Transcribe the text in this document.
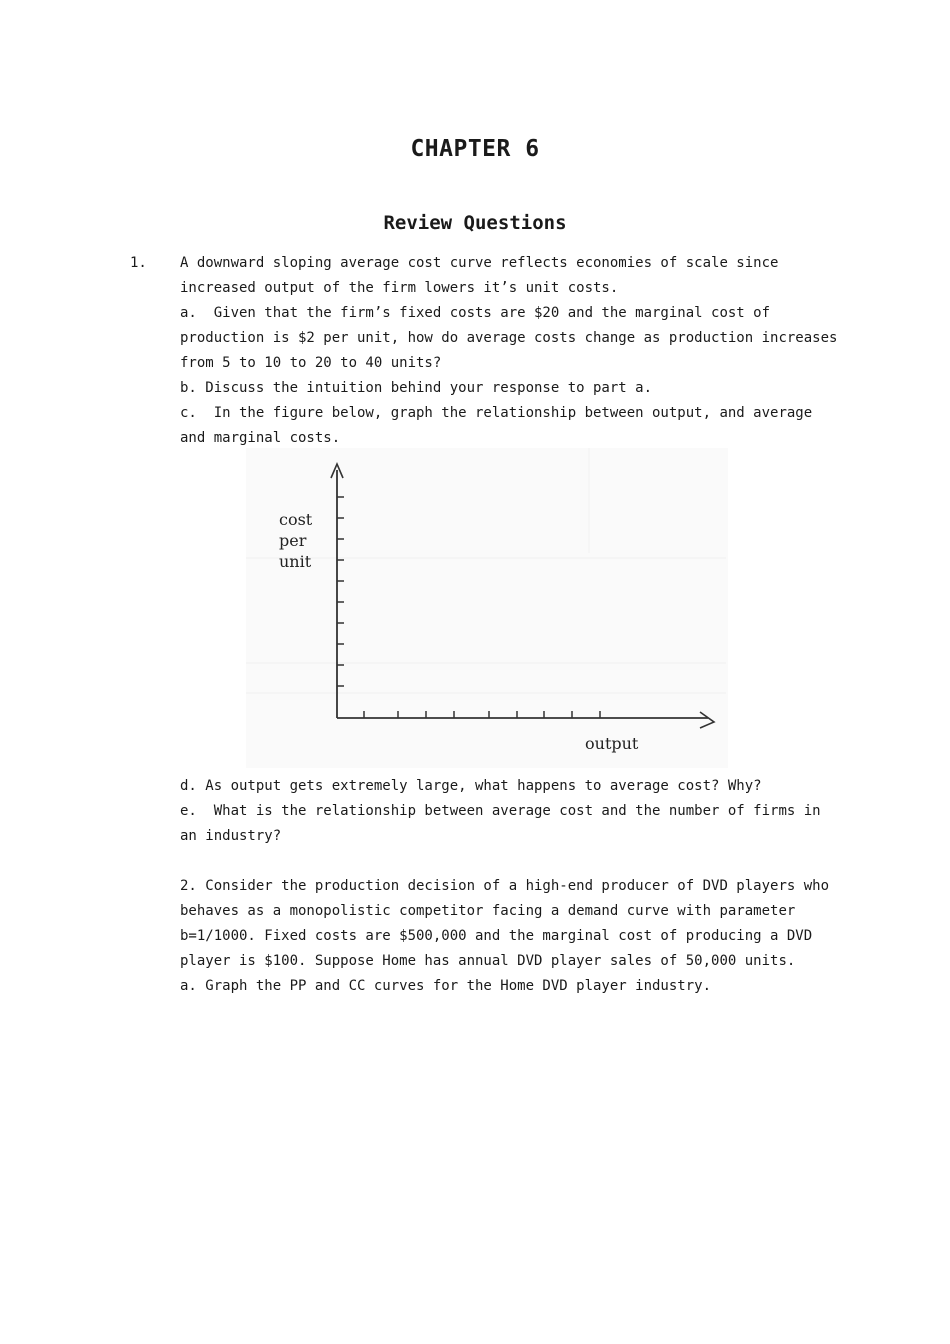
CHAPTER 6
Review Questions
1. A downward sloping average cost curve reflects economies of scale since increased output of the firm lowers it’s unit costs.
a.  Given that the firm’s fixed costs are $20 and the marginal cost of production is $2 per unit, how do average costs change as production increases from 5 to 10 to 20 to 40 units?
b. Discuss the intuition behind your response to part a.
c.  In the figure below, graph the relationship between output, and average and marginal costs.
cost
per
unit
output
d. As output gets extremely large, what happens to average cost? Why?
e.  What is the relationship between average cost and the number of firms in an industry?
2. Consider the production decision of a high-end producer of DVD players who behaves as a monopolistic competitor facing a demand curve with parameter b=1/1000. Fixed costs are $500,000 and the marginal cost of producing a DVD player is $100. Suppose Home has annual DVD player sales of 50,000 units.
a. Graph the PP and CC curves for the Home DVD player industry.
